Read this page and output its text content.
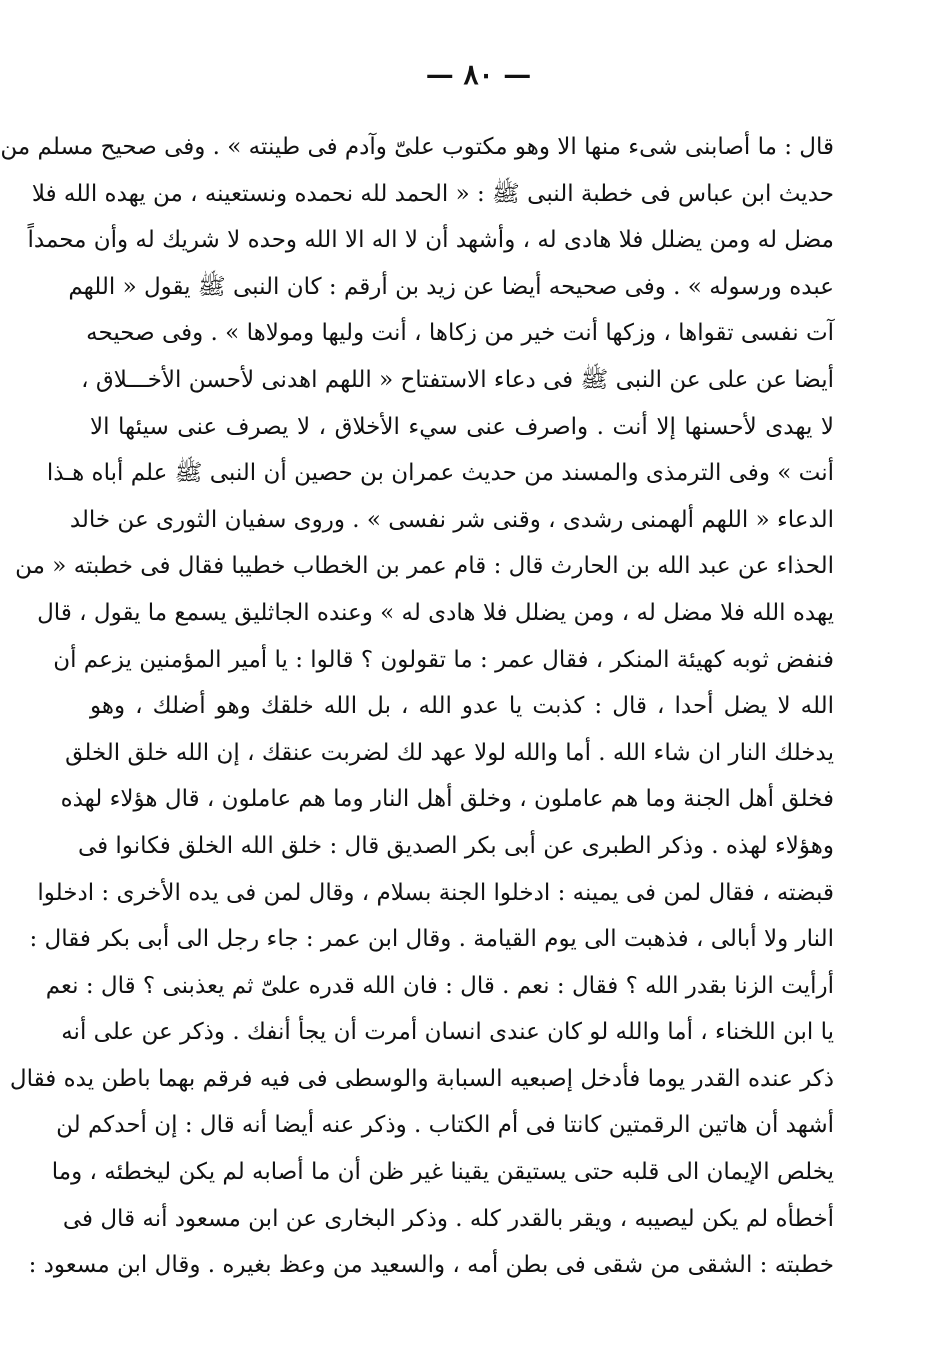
— ٨٠ —
قال : ما أصابنى شىء منها الا وهو مكتوب علىّ وآدم فى طينته » . وفى صحيح مسلم من
حديث ابن عباس فى خطبة النبى ﷺ : « الحمد لله نحمده ونستعينه ، من يهده الله فلا
مضل له ومن يضلل فلا هادى له ، وأشهد أن لا اله الا الله وحده لا شريك له وأن محمداً
عبده ورسوله » . وفى صحيحه أيضا عن زيد بن أرقم : كان النبى ﷺ يقول « اللهم
آت نفسى تقواها ، وزكها أنت خير من زكاها ، أنت وليها ومولاها » . وفى صحيحه
أيضا عن على عن النبى ﷺ فى دعاء الاستفتاح « اللهم اهدنى لأحسن الأخـــلاق ،
لا يهدى لأحسنها إلا أنت . واصرف عنى سيء الأخلاق ، لا يصرف عنى سيئها الا
أنت » وفى الترمذى والمسند من حديث عمران بن حصين أن النبى ﷺ علم أباه هـذا
الدعاء « اللهم ألهمنى رشدى ، وقنى شر نفسى » . وروى سفيان الثورى عن خالد
الحذاء عن عبد الله بن الحارث قال : قام عمر بن الخطاب خطيبا فقال فى خطبته « من
يهده الله فلا مضل له ، ومن يضلل فلا هادى له » وعنده الجاثليق يسمع ما يقول ، قال
فنفض ثوبه كهيئة المنكر ، فقال عمر : ما تقولون ؟ قالوا : يا أمير المؤمنين يزعم أن
الله لا يضل أحدا ، قال : كذبت يا عدو الله ، بل الله خلقك وهو أضلك ، وهو
يدخلك النار ان شاء الله . أما والله لولا عهد لك لضربت عنقك ، إن الله خلق الخلق
فخلق أهل الجنة وما هم عاملون ، وخلق أهل النار وما هم عاملون ، قال هؤلاء لهذه
وهؤلاء لهذه . وذكر الطبرى عن أبى بكر الصديق قال : خلق الله الخلق فكانوا فى
قبضته ، فقال لمن فى يمينه : ادخلوا الجنة بسلام ، وقال لمن فى يده الأخرى : ادخلوا
النار ولا أبالى ، فذهبت الى يوم القيامة . وقال ابن عمر : جاء رجل الى أبى بكر فقال :
أرأيت الزنا بقدر الله ؟ فقال : نعم . قال : فان الله قدره علىّ ثم يعذبنى ؟ قال : نعم
يا ابن اللخناء ، أما والله لو كان عندى انسان أمرت أن يجأ أنفك . وذكر عن على أنه
ذكر عنده القدر يوما فأدخل إصبعيه السبابة والوسطى فى فيه فرقم بهما باطن يده فقال
أشهد أن هاتين الرقمتين كانتا فى أم الكتاب . وذكر عنه أيضا أنه قال : إن أحدكم لن
يخلص الإيمان الى قلبه حتى يستيقن يقينا غير ظن أن ما أصابه لم يكن ليخطئه ، وما
أخطأه لم يكن ليصيبه ، ويقر بالقدر كله . وذكر البخارى عن ابن مسعود أنه قال فى
خطبته : الشقى من شقى فى بطن أمه ، والسعيد من وعظ بغيره . وقال ابن مسعود :
